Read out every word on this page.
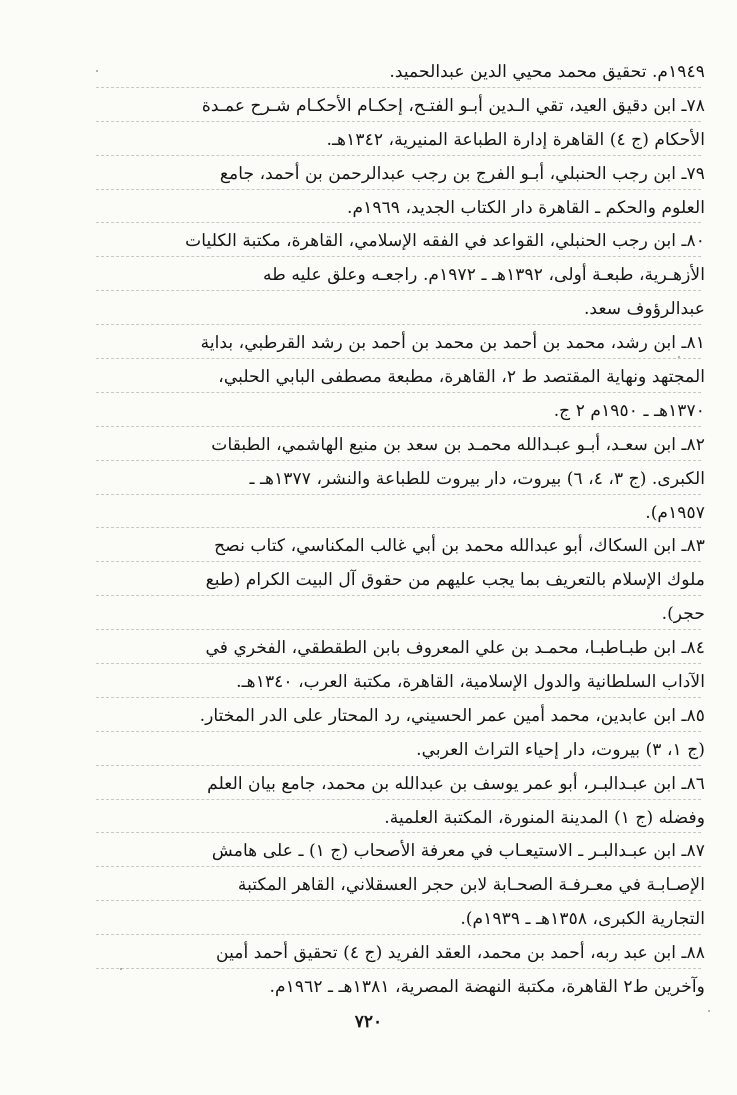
١٩٤٩م. تحقيق محمد محيي الدين عبدالحميد.
٧٨ـ ابن دقيق العيد، تقي الـدين أبـو الفتـح، إحكـام الأحكـام شـرح عمـدة
الأحكام (ج ٤) القاهرة إدارة الطباعة المنيرية، ١٣٤٢هـ.
٧٩ـ ابن رجب الحنبلي، أبـو الفرج بن رجب عبدالرحمن بن أحمد، جامع
العلوم والحكم ـ القاهرة دار الكتاب الجديد، ١٩٦٩م.
٨٠ـ ابن رجب الحنبلي، القواعد في الفقه الإسلامي، القاهرة، مكتبة الكليات
الأزهـرية، طبعـة أولى، ١٣٩٢هـ ـ ١٩٧٢م. راجعـه وعلق عليه طه
عبدالرؤوف سعد.
٨١ـ ابن رشد، محمد بن أحمد بن محمد بن أحمد بن رشد القرطبي، بداية
المجتهد ونهاية المقتصد ط ٢، القاهرة، مطبعة مصطفى البابي الحلبي،
١٣٧٠هـ ـ ١٩٥٠م ٢ ج.
٨٢ـ ابن سعـد، أبـو عبـدالله محمـد بن سعد بن منيع الهاشمي، الطبقات
الكبرى. (ج ٣، ٤، ٦) بيروت، دار بيروت للطباعة والنشر، ١٣٧٧هـ ـ
١٩٥٧م).
٨٣ـ ابن السكاك، أبو عبدالله محمد بن أبي غالب المكناسي، كتاب نصح
ملوك الإسلام بالتعريف بما يجب عليهم من حقوق آل البيت الكرام (طبع
حجر).
٨٤ـ ابن طبـاطبـا، محمـد بن علي المعروف بابن الطقطقي، الفخري في
الآداب السلطانية والدول الإسلامية، القاهرة، مكتبة العرب، ١٣٤٠هـ.
٨٥ـ ابن عابدين، محمد أمين عمر الحسيني، رد المحتار على الدر المختار.
(ج ١، ٣) بيروت، دار إحياء التراث العربي.
٨٦ـ ابن عبـدالبـر، أبو عمر يوسف بن عبدالله بن محمد، جامع بيان العلم
وفضله (ج ١) المدينة المنورة، المكتبة العلمية.
٨٧ـ ابن عبـدالبـر ـ الاستيعـاب في معرفة الأصحاب (ج ١) ـ على هامش
الإصـابـة في معـرفـة الصحـابة لابن حجر العسقلاني، القاهر المكتبة
التجارية الكبرى، ١٣٥٨هـ ـ ١٩٣٩م).
٨٨ـ ابن عبد ربه، أحمد بن محمد، العقد الفريد (ج ٤) تحقيق أحمد أمين
وآخرين ط٢ القاهرة، مكتبة النهضة المصرية، ١٣٨١هـ ـ ١٩٦٢م.
٧٢٠
